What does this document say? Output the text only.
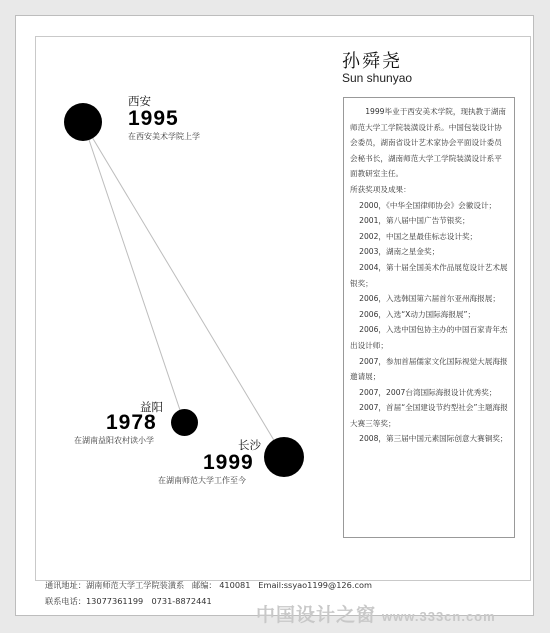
西安
1995
在西安美术学院上学
益阳
1978
在湖南益阳农村读小学	长沙
1999
在湖南师范大学工作至今
孙舜尧
Sun shunyao

1999毕业于西安美术学院，现执教于湖南师范大学工学院装潢设计系。中国包装设计协会委员，湖南省设计艺术家协会平面设计委员会秘书长，湖南师范大学工学院装潢设计系平面教研室主任。

所获奖项及成果：

2000，《中华全国律师协会》会徽设计；
2001，第八届中国广告节银奖；
2002，中国之星最佳标志设计奖；
2003，湖南之星金奖；
2004，第十届全国美术作品展览设计艺术展银奖；
2006，入选韩国第六届首尔亚州海报展；
2006，入选“X动力国际海报展”；
2006，入选中国包协主办的中国百家青年杰出设计师；
2007，参加首届儒家文化国际视觉大展海报邀请展；
2007，2007台湾国际海报设计优秀奖；
2007，首届“全国建设节约型社会”主题海报大赛三等奖；
2008，第三届中国元素国际创意大赛铜奖；
通讯地址：湖南师范大学工学院装潢系 邮编： 410081 Email:ssyao1199@126.com
联系电话：13077361199　0731-8872441
中国设计之窗 www.333cn.com
